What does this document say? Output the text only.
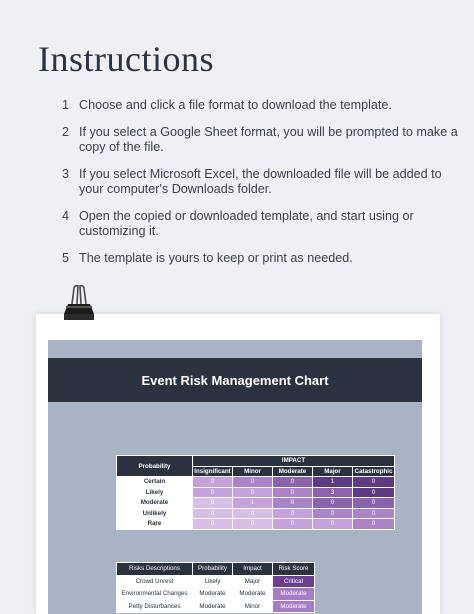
Instructions
1 Choose and click a file format to download the template.
2 If you select a Google Sheet format, you will be prompted to make a copy of the file.
3 If you select Microsoft Excel, the downloaded file will be added to your computer's Downloads folder.
4 Open the copied or downloaded template, and start using or customizing it.
5 The template is yours to keep or print as needed.
Event Risk Management Chart
Probability	IMPACT				
	Insignificant	Minor	Moderate	Major	Catastrophic
Certain	0	0	0	1	0
Likely	0	0	0	3	0
Moderate	0	1	0	0	0
Unlikely	0	0	0	0	0
Rare	0	0	0	0	0
Risks Descriptions	Probability	Impact	Risk Score
Crowd Unrest	Likely	Major	Critical
Environmental Changes	Moderate	Moderate	Moderate
Petty Disturbances	Moderate	Minor	Moderate
